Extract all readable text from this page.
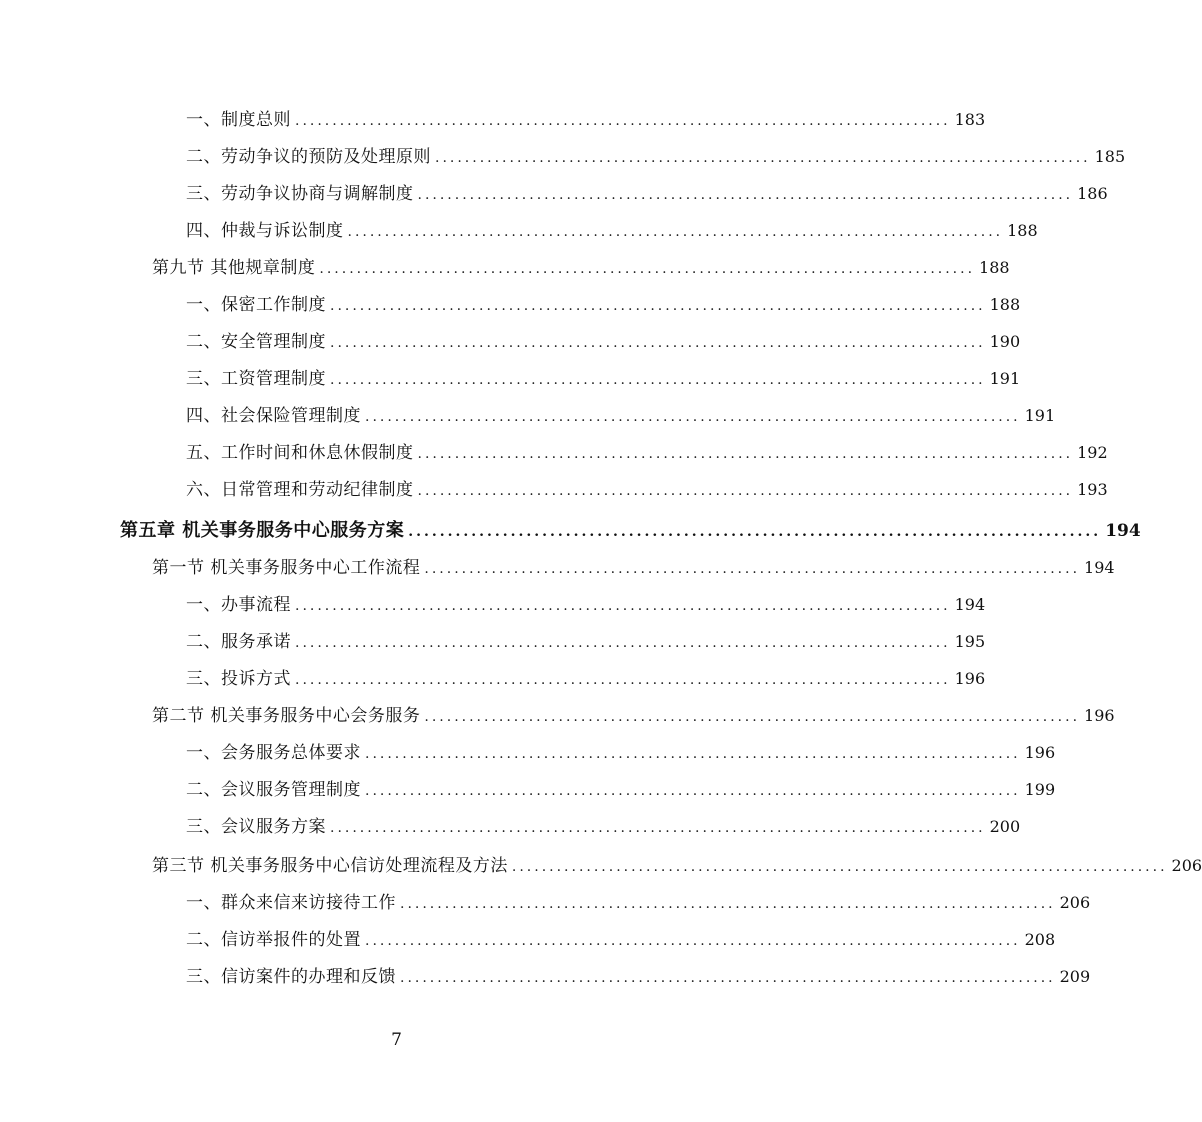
一、制度总则 ........................................................................................ 183
二、劳动争议的预防及处理原则 ........................................................................................ 185
三、劳动争议协商与调解制度 ........................................................................................ 186
四、仲裁与诉讼制度 ........................................................................................ 188
第九节 其他规章制度 ........................................................................................ 188
一、保密工作制度 ........................................................................................ 188
二、安全管理制度 ........................................................................................ 190
三、工资管理制度 ........................................................................................ 191
四、社会保险管理制度 ........................................................................................ 191
五、工作时间和休息休假制度 ........................................................................................ 192
六、日常管理和劳动纪律制度 ........................................................................................ 193
第五章 机关事务服务中心服务方案 ........................................................................................ 194
第一节 机关事务服务中心工作流程 ........................................................................................ 194
一、办事流程 ........................................................................................ 194
二、服务承诺 ........................................................................................ 195
三、投诉方式 ........................................................................................ 196
第二节 机关事务服务中心会务服务 ........................................................................................ 196
一、会务服务总体要求 ........................................................................................ 196
二、会议服务管理制度 ........................................................................................ 199
三、会议服务方案 ........................................................................................ 200
第三节 机关事务服务中心信访处理流程及方法 ........................................................................................ 206
一、群众来信来访接待工作 ........................................................................................ 206
二、信访举报件的处置 ........................................................................................ 208
三、信访案件的办理和反馈 ........................................................................................ 209
7
